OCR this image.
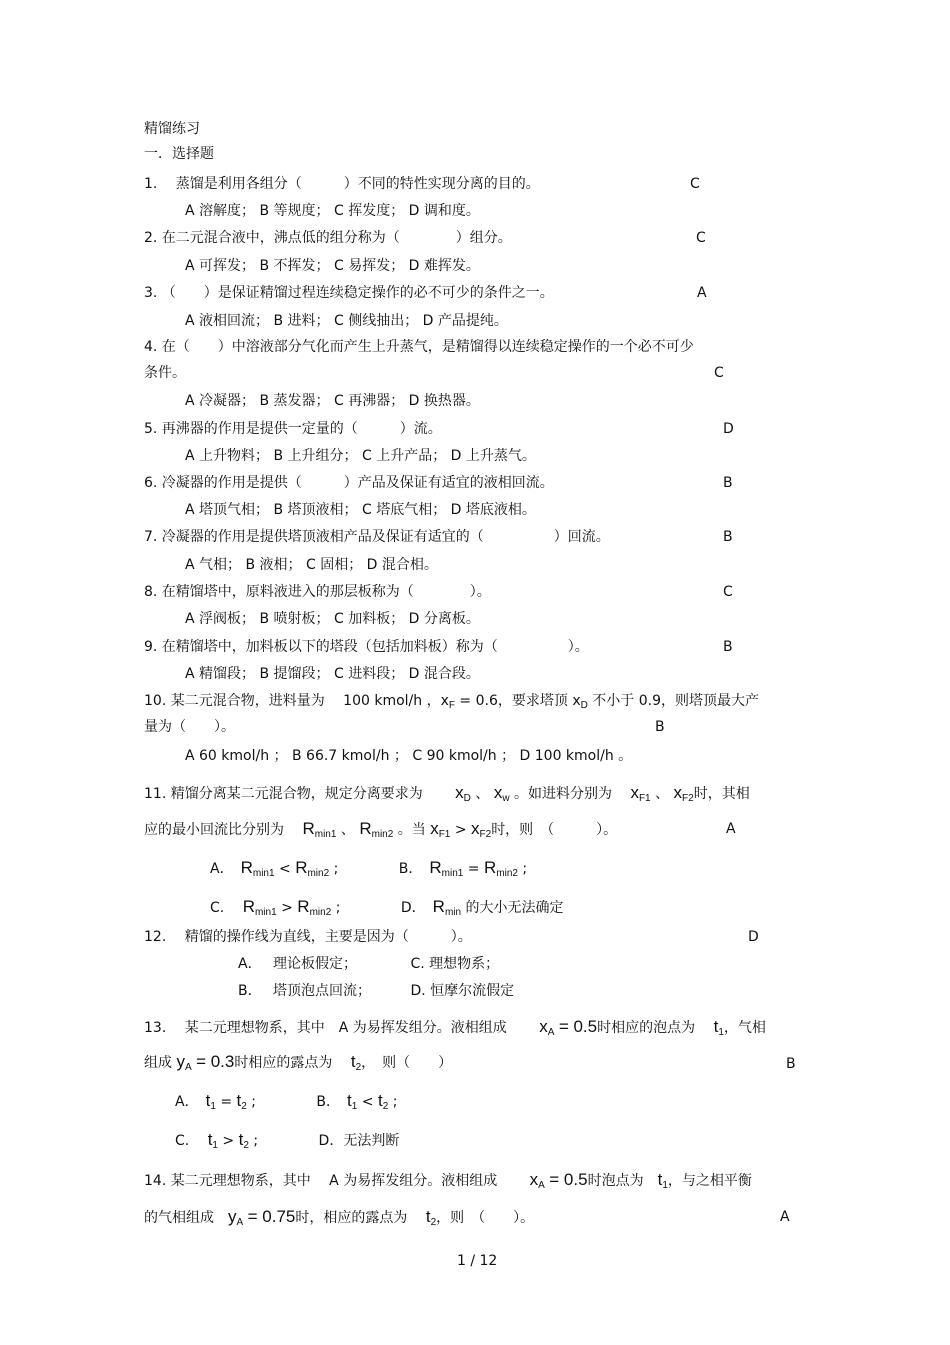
精馏练习
一．选择题
1.　 蒸馏是利用各组分（　　　）不同的特性实现分离的目的。
A 溶解度； B 等规度； C 挥发度； D 调和度。
2. 在二元混合液中，沸点低的组分称为（　　　　）组分。
A 可挥发； B 不挥发； C 易挥发； D 难挥发。
3. （　　）是保证精馏过程连续稳定操作的必不可少的条件之一。
A 液相回流； B 进料； C 侧线抽出； D 产品提纯。
4. 在（　　）中溶液部分气化而产生上升蒸气，是精馏得以连续稳定操作的一个必不可少
条件。
A 冷凝器； B 蒸发器； C 再沸器； D 换热器。
5. 再沸器的作用是提供一定量的（　　　）流。
A 上升物料； B 上升组分； C 上升产品； D 上升蒸气。
6. 冷凝器的作用是提供（　　　）产品及保证有适宜的液相回流。
A 塔顶气相； B 塔顶液相； C 塔底气相； D 塔底液相。
7. 冷凝器的作用是提供塔顶液相产品及保证有适宜的（　　　　　）回流。
A 气相； B 液相； C 固相； D 混合相。
8. 在精馏塔中，原料液进入的那层板称为（　　　　）。
A 浮阀板； B 喷射板； C 加料板； D 分离板。
9. 在精馏塔中，加料板以下的塔段（包括加料板）称为（　　　　　）。
A 精馏段； B 提馏段； C 进料段； D 混合段。
量为（　　）。
A 60 kmol/h ； B 66.7 kmol/h ； C 90 kmol/h ； D 100 kmol/h 。
12.　 精馏的操作线为直线，主要是因为（　　　）。
A．　 理论板假定；　　　　 C. 理想物系；
B．　 塔顶泡点回流；　　　 D. 恒摩尔流假定
10. 某二元混合物，进料量为　 100 kmol/h ，$x_F = 0.6$，要求塔顶 $x_D$ 不小于 0.9，则塔顶最大产
11. 精馏分离某二元混合物，规定分离要求为　　 $x_D$ 、 $x_w$ 。如进料分别为　 $x_{F1}$ 、 $x_{F2}$时，其相
应的最小回流比分别为　 $R_{min1}$ 、 $R_{min2}$ 。当 $x_{F1} > x_{F2}$时，则　（　　　）。
A．　$R_{min1} < R_{min2}$ ;　　　　 B．　$R_{min1} = R_{min2}$ ;
C.　 $R_{min1} > R_{min2}$ ;　　　　 D．　$R_{min}$ 的大小无法确定
13.　 某二元理想物系，其中　A 为易挥发组分。液相组成　　 $x_A = 0.5$时相应的泡点为　 $t_1$，气相
组成 $y_A = 0.3$时相应的露点为　 $t_2$，　则（　　）
A．　$t_1 = t_2$ ;　　　　 B．　$t_1 < t_2$ ;
C.　 $t_1 > t_2$ ;　　　　 D．无法判断
14. 某二元理想物系，其中　 A 为易挥发组分。液相组成　　 $x_A = 0.5$时泡点为　$t_1$，与之相平衡
的气相组成　$y_A = 0.75$时，相应的露点为　 $t_2$，则　（　　）。
C
C
A
C
D
B
B
C
B
B
A
D
B
A
1 / 12
